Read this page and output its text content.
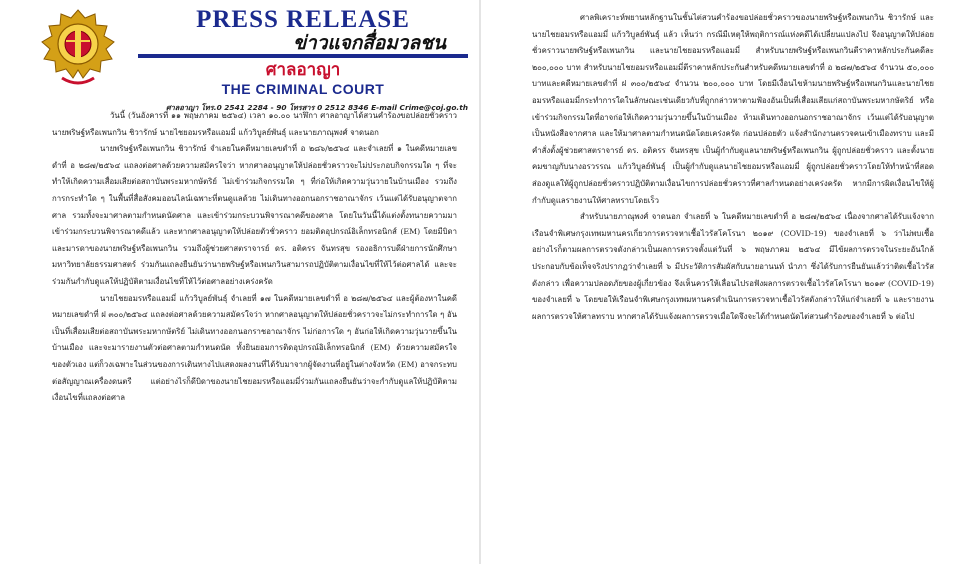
PRESS RELEASE
ข่าวแจกสื่อมวลชน
ศาลอาญา
THE CRIMINAL COURT
ศาลอาญา โทร.0 2541 2284 - 90 โทรสาร 0 2512 8346 E-mail Crime@coj.go.th

วันนี้ (วันอังคารที่ ๑๑ พฤษภาคม ๒๕๖๔) เวลา ๑๐.๐๐ นาฬิกา ศาลอาญาได้สวนคำร้องขอปล่อยชั่วคราวนายพริษฐ์หรือเพนกวิน ชิวารักษ์ นายไชยอมรหรือแอมมี่ แก้ววิบูลย์พันธุ์ และนายภาณุพงศ์ จาดนอก

นายพริษฐ์หรือเพนกวิน ชิวารักษ์ จำเลยในคดีหมายเลขดำที่ อ ๒๘๖/๒๕๖๔ และจำเลยที่ ๑ ในคดีหมายเลขดำที่ อ ๒๘๗/๒๕๖๔ แถลงต่อศาลด้วยความสมัครใจว่า หากศาลอนุญาตให้ปล่อยชั่วคราวจะไม่ประกอบกิจกรรมใด ๆ ที่จะทำให้เกิดความเสื่อมเสียต่อสถาบันพระมหากษัตริย์ ไม่เข้าร่วมกิจกรรมใด ๆ ที่ก่อให้เกิดความวุ่นวายในบ้านเมือง รวมถึงการกระทำใด ๆ ในพื้นที่สื่อสังคมออนไลน์เฉพาะที่ตนดูแลด้วย ไม่เดินทางออกนอกราชอาณาจักร เว้นแต่ได้รับอนุญาตจากศาล รวมทั้งจะมาศาลตามกำหนดนัดศาล และเข้าร่วมกระบวนพิจารณาคดีของศาล โดยในวันนี้ได้แต่งตั้งทนายความมาเข้าร่วมกระบวนพิจารณาคดีแล้ว และหากศาลอนุญาตให้ปล่อยตัวชั่วคราว ยอมติดอุปกรณ์อิเล็กทรอนิกส์ (EM) โดยมีบิดาและมารดาของนายพริษฐ์หรือเพนกวิน รวมถึงผู้ช่วยศาสตราจารย์ ดร. อติครร จันทรสุข รองอธิการบดีฝ่ายการนักศึกษา มหาวิทยาลัยธรรมศาสตร์ ร่วมกันแถลงยืนยันว่านายพริษฐ์หรือเพนกวินสามารถปฏิบัติตามเงื่อนไขที่ให้ไว้ต่อศาลได้ และจะร่วมกันกำกับดูแลให้ปฏิบัติตามเงื่อนไขที่ให้ไว้ต่อศาลอย่างเคร่งครัด

นายไชยอมรหรือแอมมี่ แก้ววิบูลย์พันธุ์ จำเลยที่ ๑๗ ในคดีหมายเลขดำที่ อ ๒๘๗/๒๕๖๔ และผู้ต้องหาในคดีหมายเลขดำที่ ฝ ๓๐๐/๒๕๖๔ แถลงต่อศาลด้วยความสมัครใจว่า หากศาลอนุญาตให้ปล่อยชั่วคราวจะไม่กระทำการใด ๆ อันเป็นที่เสื่อมเสียต่อสถาบันพระมหากษัตริย์ ไม่เดินทางออกนอกราชอาณาจักร ไม่ก่อการใด ๆ อันก่อให้เกิดความวุ่นวายขึ้นในบ้านเมือง และจะมารายงานตัวต่อศาลตามกำหนดนัด ทั้งยินยอมการติดอุปกรณ์อิเล็กทรอนิกส์ (EM) ด้วยความสมัครใจของตัวเอง แต่ก็วงเฉพาะในส่วนของการเดินทางไปแสดงผลงานที่ได้รับมาจากผู้จัดงานที่อยู่ในต่างจังหวัด (EM) อาจกระทบต่อสัญญาณเครื่องดนตรี แต่อย่างไรก็ดีบิดาของนายไชยอมรหรือแอมมี่ร่วมกันแถลงยืนยันว่าจะกำกับดูแลให้ปฏิบัติตามเงื่อนไขที่แถลงต่อศาล

ศาลพิเคราะห์พยานหลักฐานในชั้นไต่สวนคำร้องขอปล่อยชั่วคราวของนายพริษฐ์หรือเพนกวิน ชิวารักษ์ และนายไชยอมรหรือแอมมี่ แก้ววิบูลย์พันธุ์ แล้ว เห็นว่า กรณีมีเหตุให้พฤติการณ์แห่งคดีได้เปลี่ยนแปลงไป จึงอนุญาตให้ปล่อยชั่วคราวนายพริษฐ์หรือเพนกวิน และนายไชยอมรหรือแอมมี่ สำหรับนายพริษฐ์หรือเพนกวินตีราคาหลักประกันคดีละ ๒๐๐,๐๐๐ บาท สำหรับนายไชยอมรหรือแอมมี่ตีราคาหลักประกันสำหรับคดีหมายเลขดำที่ อ ๒๘๗/๒๕๖๔ จำนวน ๕๐,๐๐๐ บาทและคดีหมายเลขดำที่ ฝ ๓๐๐/๒๕๖๔ จำนวน ๒๐๐,๐๐๐ บาท โดยมีเงื่อนไขห้ามนายพริษฐ์หรือเพนกวินและนายไชยอมรหรือแอมมี่กระทำการใดในลักษณะเช่นเดียวกับที่ถูกกล่าวหาตามฟ้องอันเป็นที่เสื่อมเสียแก่สถาบันพระมหากษัตริย์ หรือเข้าร่วมกิจกรรมใดที่อาจก่อให้เกิดความวุ่นวายขึ้นในบ้านเมือง ห้ามเดินทางออกนอกราชอาณาจักร เว้นแต่ได้รับอนุญาตเป็นหนังสือจากศาล และให้มาศาลตามกำหนดนัดโดยเคร่งครัด ก่อนปล่อยตัว แจ้งสำนักงานตรวจคนเข้าเมืองทราบ และมีคำสั่งตั้งผู้ช่วยศาสตราจารย์ ดร. อติครร จันทรสุข เป็นผู้กำกับดูแลนายพริษฐ์หรือเพนกวิน ผู้ถูกปล่อยชั่วคราว และตั้งนายคมขาญกับนางอรวรรณ แก้ววิบูลย์พันธุ์ เป็นผู้กำกับดูแลนายไชยอมรหรือแอมมี่ ผู้ถูกปล่อยชั่วคราวโดยให้ทำหน้าที่สอดส่องดูแลให้ผู้ถูกปล่อยชั่วคราวปฏิบัติตามเงื่อนไขการปล่อยชั่วคราวที่ศาลกำหนดอย่างเคร่งครัด หากมีการผิดเงื่อนไขให้ผู้กำกับดูแลรายงานให้ศาลทราบโดยเร็ว

สำหรับนายภาณุพงศ์ จาดนอก จำเลยที่ ๖ ในคดีหมายเลขดำที่ อ ๒๘๗/๒๕๖๔ เนื่องจากศาลได้รับแจ้งจากเรือนจำพิเศษกรุงเทพมหานครเกี่ยวการตรวจหาเชื้อไวรัสโคโรนา ๒๐๑๙ (COVID-19) ของจำเลยที่ ๖ ว่าไม่พบเชื้อ อย่างไรก็ตามผลการตรวจดังกล่าวเป็นผลการตรวจตั้งแต่วันที่ ๖ พฤษภาคม ๒๕๖๔ มีไข้ผลการตรวจในระยะอันใกล้ ประกอบกับข้อเท็จจริงปรากฏว่าจำเลยที่ ๖ มีประวัติการสัมผัสกับนายอานนท์ นำภา ซึ่งได้รับการยืนยันแล้วว่าติดเชื้อไวรัสดังกล่าว เพื่อความปลอดภัยของผู้เกี่ยวข้อง จึงเห็นควรให้เลื่อนไปรอฟังผลการตรวจเชื้อไวรัสโคโรนา ๒๐๑๙ (COVID-19) ของจำเลยที่ ๖ โดยขอให้เรือนจำพิเศษกรุงเทพมหานครดำเนินการตรวจหาเชื้อไวรัสดังกล่าวให้แก่จำเลยที่ ๖ และรายงานผลการตรวจให้ศาลทราบ หากศาลได้รับแจ้งผลการตรวจเมื่อใดจึงจะได้กำหนดนัดไต่สวนคำร้องของจำเลยที่ ๖ ต่อไป
